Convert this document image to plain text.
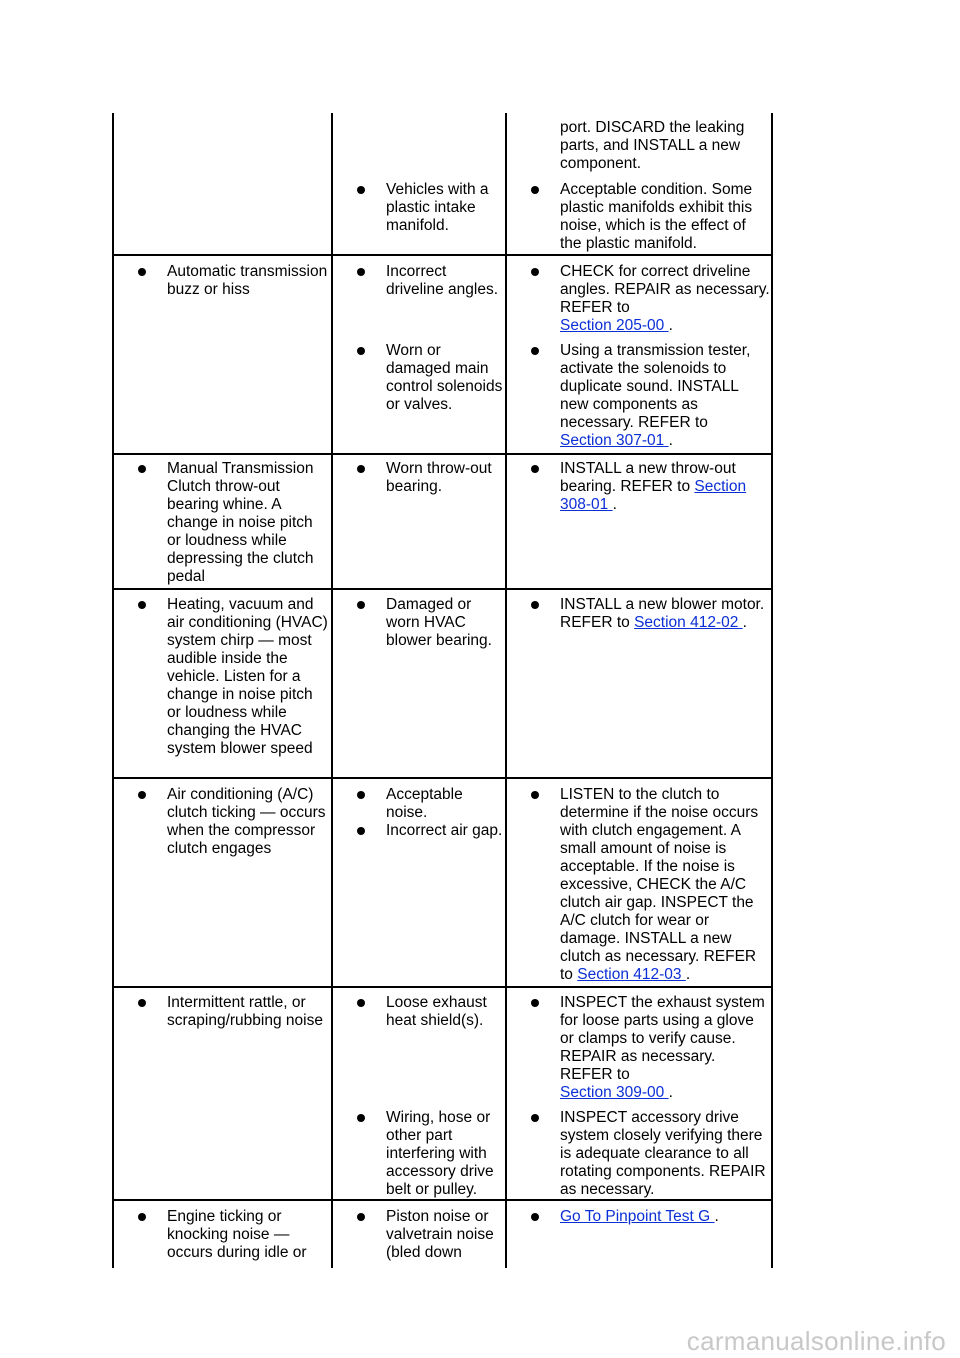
port. DISCARD the leaking parts, and INSTALL a new component.
Vehicles with a plastic intake manifold.
Acceptable condition. Some plastic manifolds exhibit this noise, which is the effect of the plastic manifold.
Automatic transmission buzz or hiss
Incorrect driveline angles.
CHECK for correct driveline angles. REPAIR as necessary. REFER to
Section 205-00 .
Worn or damaged main control solenoids or valves.
Using a transmission tester, activate the solenoids to duplicate sound. INSTALL new components as necessary. REFER to
Section 307-01 .
Manual Transmission Clutch throw-out bearing whine. A change in noise pitch or loudness while depressing the clutch pedal
Worn throw-out bearing.
INSTALL a new throw-out bearing. REFER to Section 308-01 .
Heating, vacuum and air conditioning (HVAC) system chirp — most audible inside the vehicle. Listen for a change in noise pitch or loudness while changing the HVAC system blower speed
Damaged or worn HVAC blower bearing.
INSTALL a new blower motor. REFER to Section 412-02 .
Air conditioning (A/C) clutch ticking — occurs when the compressor clutch engages
Acceptable noise.
Incorrect air gap.
LISTEN to the clutch to determine if the noise occurs with clutch engagement. A small amount of noise is acceptable. If the noise is excessive, CHECK the A/C clutch air gap. INSPECT the A/C clutch for wear or damage. INSTALL a new clutch as necessary. REFER to Section 412-03 .
Intermittent rattle, or scraping/rubbing noise
Loose exhaust heat shield(s).
INSPECT the exhaust system for loose parts using a glove or clamps to verify cause. REPAIR as necessary. REFER to
Section 309-00 .
Wiring, hose or other part interfering with accessory drive belt or pulley.
INSPECT accessory drive system closely verifying there is adequate clearance to all rotating components. REPAIR as necessary.
Engine ticking or knocking noise — occurs during idle or
Piston noise or valvetrain noise (bled down
Go To Pinpoint Test G .
carmanualsonline.info
